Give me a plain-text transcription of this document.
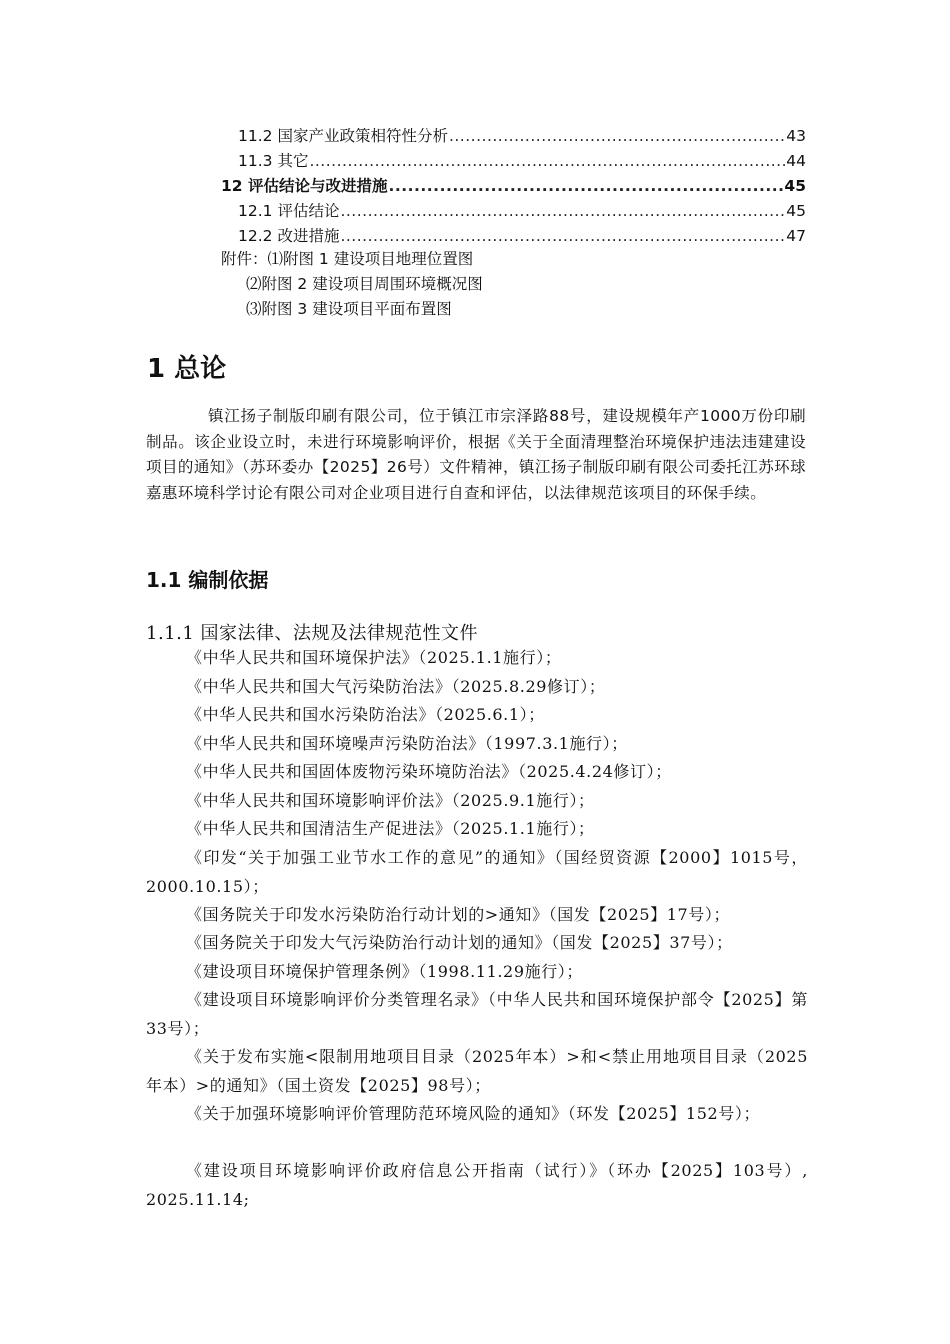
11.2 国家产业政策相符性分析 .....	43
11.3 其它 .....	44
12 评估结论与改进措施 .....	45
12.1 评估结论 .....	45
12.2 改进措施 .....	47
附件：⑴附图 1 建设项目地理位置图
⑵附图 2 建设项目周围环境概况图
⑶附图 3 建设项目平面布置图
1 总论
镇江扬子制版印刷有限公司，位于镇江市宗泽路88号，建设规模年产1000万份印刷制品。该企业设立时，未进行环境影响评价，根据《关于全面清理整治环境保护违法违建建设项目的通知》（苏环委办【2025】26号）文件精神，镇江扬子制版印刷有限公司委托江苏环球嘉惠环境科学讨论有限公司对企业项目进行自查和评估，以法律规范该项目的环保手续。
1.1 编制依据
1.1.1 国家法律、法规及法律规范性文件
《中华人民共和国环境保护法》（2025.1.1施行）；
《中华人民共和国大气污染防治法》（2025.8.29修订）；
《中华人民共和国水污染防治法》（2025.6.1）；
《中华人民共和国环境噪声污染防治法》（1997.3.1施行）；
《中华人民共和国固体废物污染环境防治法》（2025.4.24修订）；
《中华人民共和国环境影响评价法》（2025.9.1施行）；
《中华人民共和国清洁生产促进法》（2025.1.1施行）；
《印发“关于加强工业节水工作的意见”的通知》（国经贸资源【2000】1015号，2000.10.15）；
《国务院关于印发水污染防治行动计划的>通知》（国发【2025】17号）；
《国务院关于印发大气污染防治行动计划的通知》（国发【2025】37号）；
《建设项目环境保护管理条例》（1998.11.29施行）；
《建设项目环境影响评价分类管理名录》（中华人民共和国环境保护部令【2025】第33号）；
《关于发布实施<限制用地项目目录（2025年本）>和<禁止用地项目目录（2025年本）>的通知》（国土资发【2025】98号）；
《关于加强环境影响评价管理防范环境风险的通知》（环发【2025】152号）；
《建设项目环境影响评价政府信息公开指南（试行）》（环办【2025】103号）, 2025.11.14;
